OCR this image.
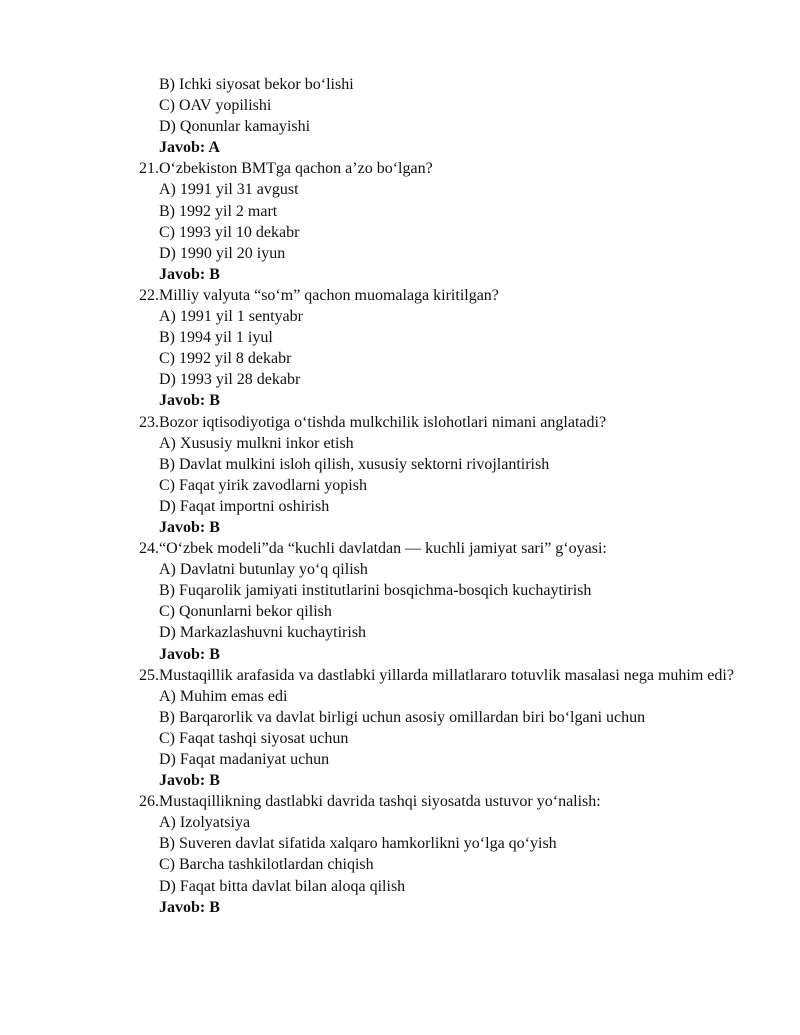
B) Ichki siyosat bekor bo‘lishi
C) OAV yopilishi
D) Qonunlar kamayishi
Javob: A
21. O‘zbekiston BMTga qachon a’zo bo‘lgan?
A) 1991 yil 31 avgust
B) 1992 yil 2 mart
C) 1993 yil 10 dekabr
D) 1990 yil 20 iyun
Javob: B
22. Milliy valyuta “so‘m” qachon muomalaga kiritilgan?
A) 1991 yil 1 sentyabr
B) 1994 yil 1 iyul
C) 1992 yil 8 dekabr
D) 1993 yil 28 dekabr
Javob: B
23. Bozor iqtisodiyotiga o‘tishda mulkchilik islohotlari nimani anglatadi?
A) Xususiy mulkni inkor etish
B) Davlat mulkini isloh qilish, xususiy sektorni rivojlantirish
C) Faqat yirik zavodlarni yopish
D) Faqat importni oshirish
Javob: B
24. “O‘zbek modeli”da “kuchli davlatdan — kuchli jamiyat sari” g‘oyasi:
A) Davlatni butunlay yo‘q qilish
B) Fuqarolik jamiyati institutlarini bosqichma-bosqich kuchaytirish
C) Qonunlarni bekor qilish
D) Markazlashuvni kuchaytirish
Javob: B
25. Mustaqillik arafasida va dastlabki yillarda millatlararo totuvlik masalasi nega muhim edi?
A) Muhim emas edi
B) Barqarorlik va davlat birligi uchun asosiy omillardan biri bo‘lgani uchun
C) Faqat tashqi siyosat uchun
D) Faqat madaniyat uchun
Javob: B
26. Mustaqillikning dastlabki davrida tashqi siyosatda ustuvor yo‘nalish:
A) Izolyatsiya
B) Suveren davlat sifatida xalqaro hamkorlikni yo‘lga qo‘yish
C) Barcha tashkilotlardan chiqish
D) Faqat bitta davlat bilan aloqa qilish
Javob: B
